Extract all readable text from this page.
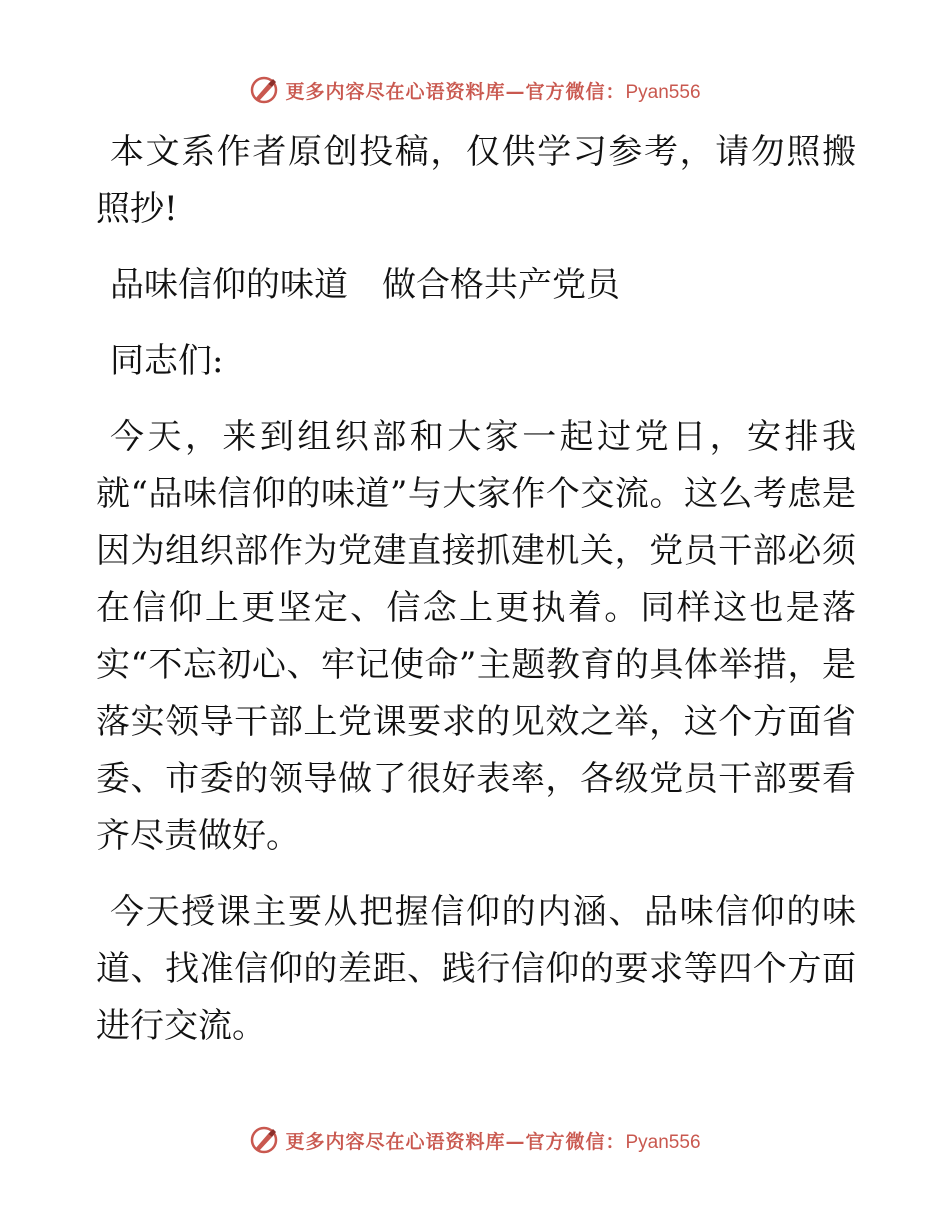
更多内容尽在心语资料库—官方微信：Pyan556

本文系作者原创投稿，仅供学习参考，请勿照搬照抄!

品味信仰的味道　做合格共产党员

同志们:

今天，来到组织部和大家一起过党日，安排我就“品味信仰的味道”与大家作个交流。这么考虑是因为组织部作为党建直接抓建机关，党员干部必须在信仰上更坚定、信念上更执着。同样这也是落实“不忘初心、牢记使命”主题教育的具体举措，是落实领导干部上党课要求的见效之举，这个方面省委、市委的领导做了很好表率，各级党员干部要看齐尽责做好。

今天授课主要从把握信仰的内涵、品味信仰的味道、找准信仰的差距、践行信仰的要求等四个方面进行交流。

更多内容尽在心语资料库—官方微信：Pyan556
